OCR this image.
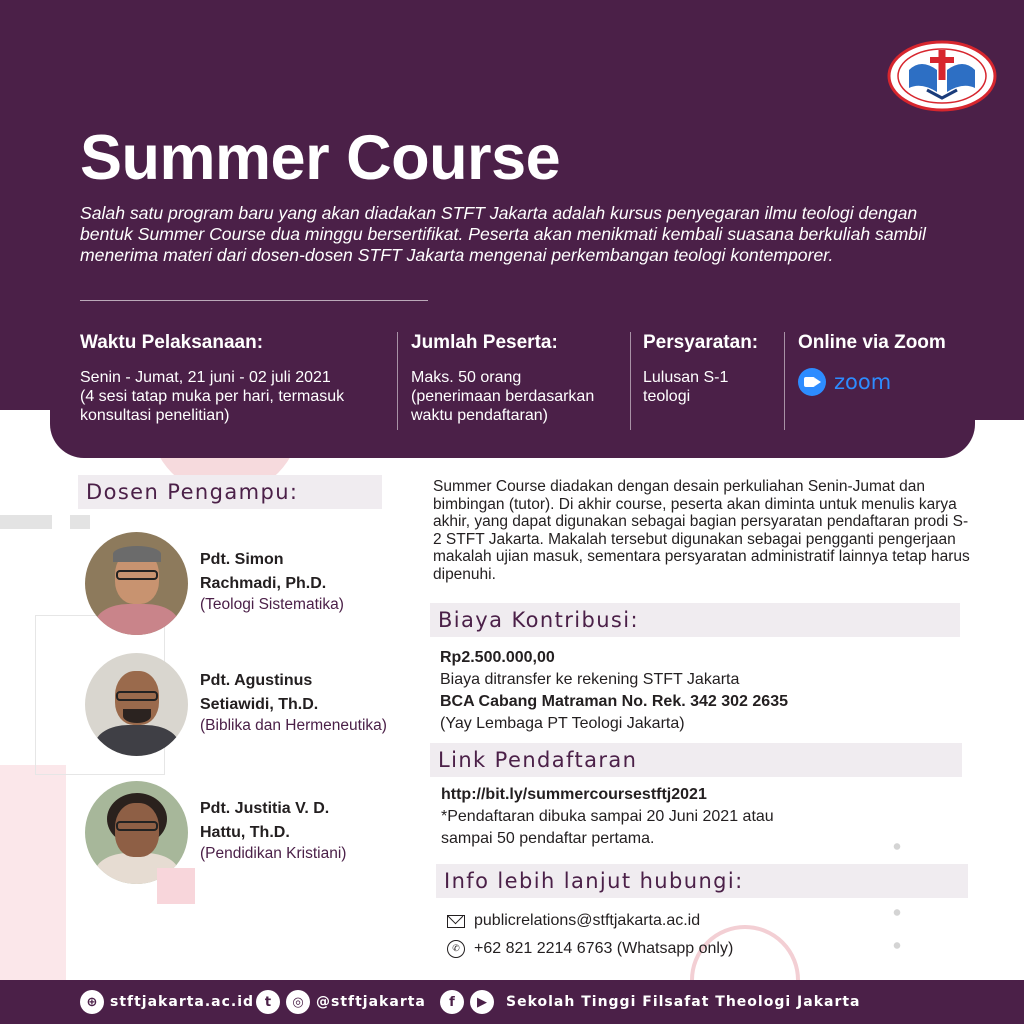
Summer Course
Salah satu program baru yang akan diadakan STFT Jakarta adalah kursus penyegaran ilmu teologi dengan bentuk Summer Course dua minggu bersertifikat. Peserta akan menikmati kembali suasana berkuliah sambil menerima materi dari dosen-dosen STFT Jakarta mengenai perkembangan teologi kontemporer.
Waktu Pelaksanaan:

Senin - Jumat, 21 juni - 02 juli 2021

(4 sesi tatap muka per hari, termasuk konsultasi penelitian)

Jumlah Peserta:

Maks. 50 orang

(penerimaan berdasarkan waktu pendaftaran)

Persyaratan:

Lulusan S-1 teologi

Online via Zoom
zoom
Dosen Pengampu:
Pdt. Simon
Rachmadi, Ph.D.
(Teologi Sistematika)
Pdt. Agustinus
Setiawidi, Th.D.
(Biblika dan Hermeneutika)
Pdt. Justitia V. D.
Hattu, Th.D.
(Pendidikan Kristiani)
Summer Course diadakan dengan desain perkuliahan Senin-Jumat dan bimbingan (tutor). Di akhir course, peserta akan diminta untuk menulis karya akhir, yang dapat digunakan sebagai bagian persyaratan pendaftaran prodi S-2 STFT Jakarta. Makalah tersebut digunakan sebagai pengganti pengerjaan makalah ujian masuk, sementara persyaratan administratif lainnya tetap harus dipenuhi.
Biaya Kontribusi:
Rp2.500.000,00
Biaya ditransfer ke rekening STFT Jakarta
BCA Cabang Matraman No. Rek. 342 302 2635
(Yay Lembaga PT Teologi Jakarta)
Link Pendaftaran
http://bit.ly/summercoursestftj2021
*Pendaftaran dibuka sampai 20 Juni 2021 atau
sampai 50 pendaftar pertama.
Info lebih lanjut hubungi:
publicrelations@stftjakarta.ac.id
✆ +62 821 2214 6763 (Whatsapp only)
⊕ stftjakarta.ac.id t	◎ @stftjakarta	f	▶	Sekolah Tinggi Filsafat Theologi Jakarta
